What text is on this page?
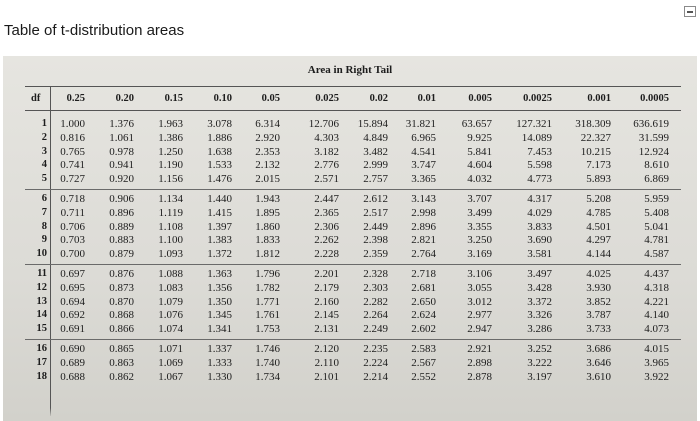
Table of t-distribution areas
Area in Right Tail
df	0.25	0.20	0.15	0.10	0.05	0.025	0.02	0.01	0.005	0.0025	0.001	0.0005
1	1.000	1.376	1.963	3.078	6.314	12.706	15.894	31.821	63.657	127.321	318.309	636.619
2	0.816	1.061	1.386	1.886	2.920	4.303	4.849	6.965	9.925	14.089	22.327	31.599
3	0.765	0.978	1.250	1.638	2.353	3.182	3.482	4.541	5.841	7.453	10.215	12.924
4	0.741	0.941	1.190	1.533	2.132	2.776	2.999	3.747	4.604	5.598	7.173	8.610
5	0.727	0.920	1.156	1.476	2.015	2.571	2.757	3.365	4.032	4.773	5.893	6.869
6	0.718	0.906	1.134	1.440	1.943	2.447	2.612	3.143	3.707	4.317	5.208	5.959
7	0.711	0.896	1.119	1.415	1.895	2.365	2.517	2.998	3.499	4.029	4.785	5.408
8	0.706	0.889	1.108	1.397	1.860	2.306	2.449	2.896	3.355	3.833	4.501	5.041
9	0.703	0.883	1.100	1.383	1.833	2.262	2.398	2.821	3.250	3.690	4.297	4.781
10	0.700	0.879	1.093	1.372	1.812	2.228	2.359	2.764	3.169	3.581	4.144	4.587
11	0.697	0.876	1.088	1.363	1.796	2.201	2.328	2.718	3.106	3.497	4.025	4.437
12	0.695	0.873	1.083	1.356	1.782	2.179	2.303	2.681	3.055	3.428	3.930	4.318
13	0.694	0.870	1.079	1.350	1.771	2.160	2.282	2.650	3.012	3.372	3.852	4.221
14	0.692	0.868	1.076	1.345	1.761	2.145	2.264	2.624	2.977	3.326	3.787	4.140
15	0.691	0.866	1.074	1.341	1.753	2.131	2.249	2.602	2.947	3.286	3.733	4.073
16	0.690	0.865	1.071	1.337	1.746	2.120	2.235	2.583	2.921	3.252	3.686	4.015
17	0.689	0.863	1.069	1.333	1.740	2.110	2.224	2.567	2.898	3.222	3.646	3.965
18	0.688	0.862	1.067	1.330	1.734	2.101	2.214	2.552	2.878	3.197	3.610	3.922
